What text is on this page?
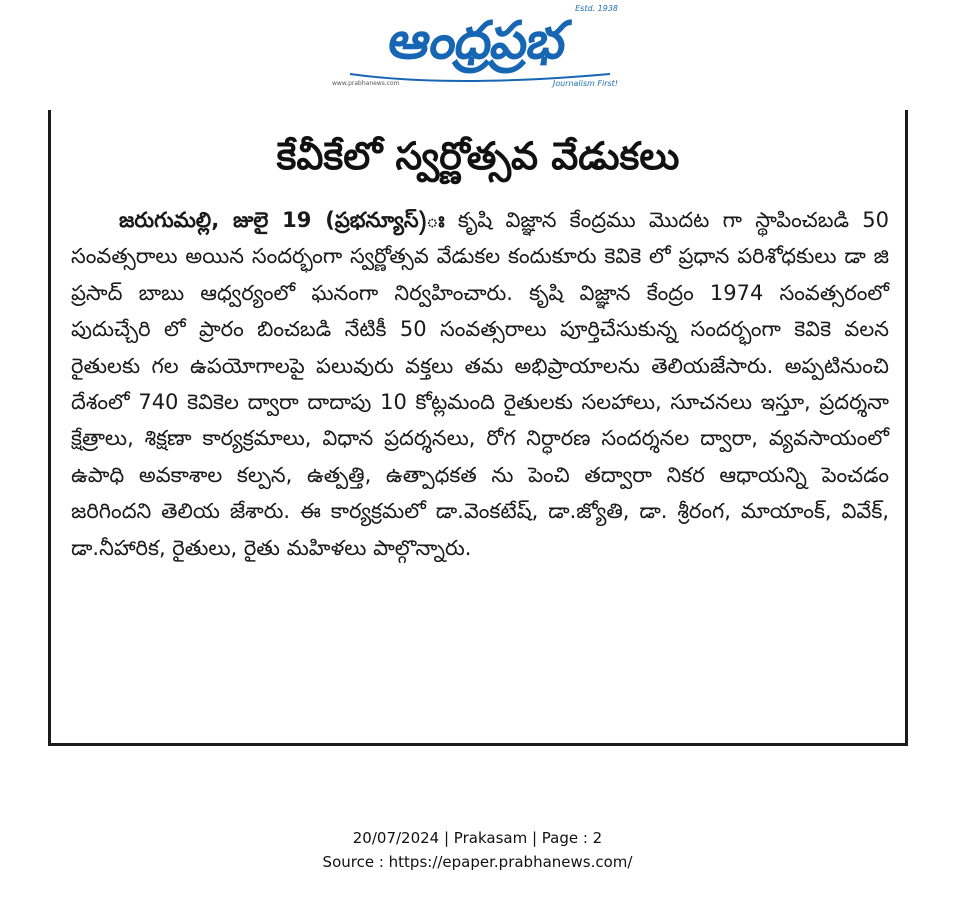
Estd. 1938
ఆంధ్రప్రభ
www.prabhanews.com	Journalism First!
కేవీకేలో స్వర్ణోత్సవ వేడుకలు
జరుగుమల్లి, జులై 19 (ప్రభన్యూస్)ః కృషి విజ్ఞాన కేంద్రము మొదట గా స్థాపించబడి 50 సంవత్సరాలు అయిన సందర్భంగా స్వర్ణోత్సవ వేడుకల కందుకూరు కెవికె లో ప్రధాన పరిశోధకులు డా జి ప్రసాద్ బాబు ఆధ్వర్యంలో ఘనంగా నిర్వహించారు. కృషి విజ్ఞాన కేంద్రం 1974 సంవత్సరంలో పుదుచ్చేరి లో ప్రారం బించబడి నేటికీ 50 సంవత్సరాలు పూర్తిచేసుకున్న సందర్భంగా కెవికె వలన రైతులకు గల ఉపయోగాలపై పలువురు వక్తలు తమ అభిప్రాయాలను తెలియజేసారు. అప్పటినుంచి దేశంలో 740 కెవికెల ద్వారా దాదాపు 10 కోట్లమంది రైతులకు సలహాలు, సూచనలు ఇస్తూ, ప్రదర్శనా క్షేత్రాలు, శిక్షణా కార్యక్రమాలు, విధాన ప్రదర్శనలు, రోగ నిర్ధారణ సందర్శనల ద్వారా, వ్యవసాయంలో ఉపాధి అవకాశాల కల్పన, ఉత్పత్తి, ఉత్పాధకత ను పెంచి తద్వారా నికర ఆధాయన్ని పెంచడం జరిగిందని తెలియ జేశారు. ఈ కార్యక్రమలో డా.వెంకటేష్, డా.జ్యోతి, డా. శ్రీరంగ, మాయాంక్, వివేక్, డా.నీహారిక, రైతులు, రైతు మహిళలు పాల్గొన్నారు.
20/07/2024 | Prakasam | Page : 2
Source : https://epaper.prabhanews.com/
